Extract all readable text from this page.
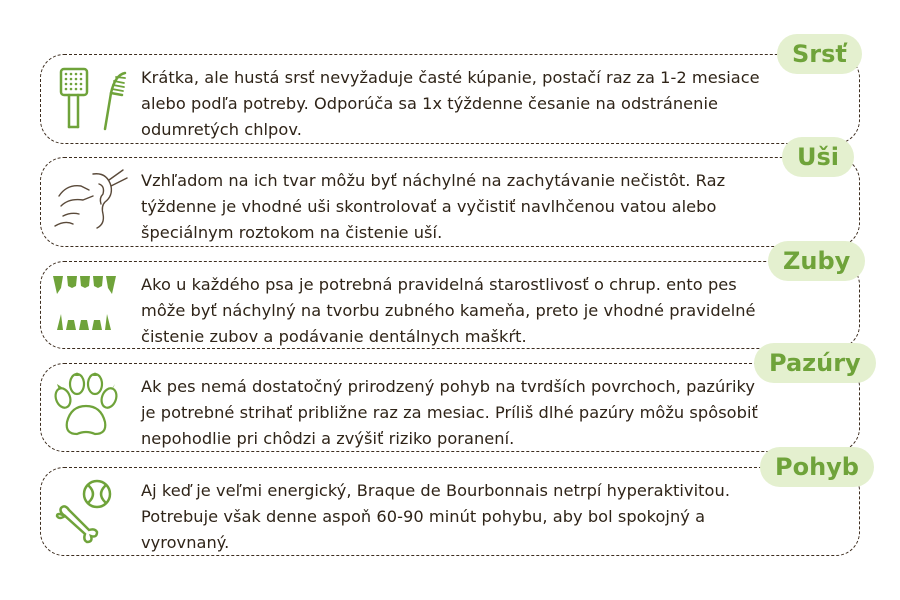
Krátka, ale hustá srsť nevyžaduje časté kúpanie, postačí raz za 1-2 mesiace
alebo podľa potreby. Odporúča sa 1x týždenne česanie na odstránenie
odumretých chlpov.
Srsť
Vzhľadom na ich tvar môžu byť náchylné na zachytávanie nečistôt. Raz
týždenne je vhodné uši skontrolovať a vyčistiť navlhčenou vatou alebo
špeciálnym roztokom na čistenie uší.
Uši
Ako u každého psa je potrebná pravidelná starostlivosť o chrup. ento pes
môže byť náchylný na tvorbu zubného kameňa, preto je vhodné pravidelné
čistenie zubov a podávanie dentálnych maškŕt.
Zuby
Ak pes nemá dostatočný prirodzený pohyb na tvrdších povrchoch, pazúriky
je potrebné strihať približne raz za mesiac. Príliš dlhé pazúry môžu spôsobiť
nepohodlie pri chôdzi a zvýšiť riziko poranení.
Pazúry
Aj keď je veľmi energický, Braque de Bourbonnais netrpí hyperaktivitou.
Potrebuje však denne aspoň 60-90 minút pohybu, aby bol spokojný a
vyrovnaný.
Pohyb
